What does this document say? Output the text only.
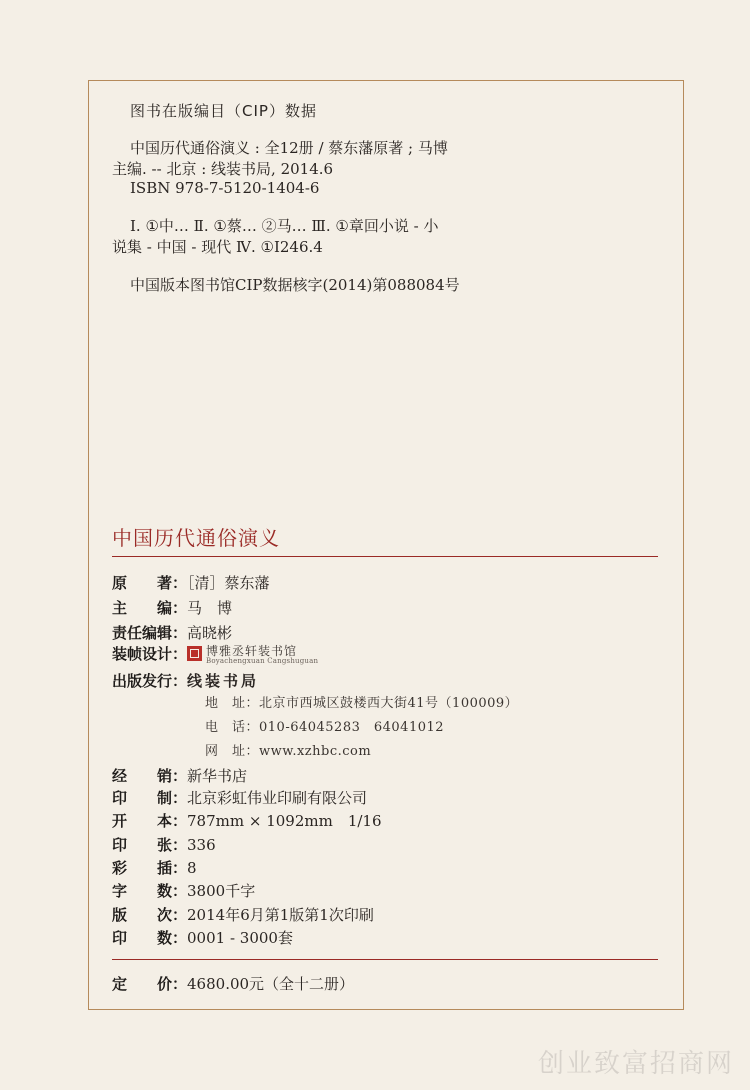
图书在版编目（CIP）数据
中国历代通俗演义 : 全12册 / 蔡东藩原著 ; 马博
主编. -- 北京 : 线装书局, 2014.6
ISBN 978-7-5120-1404-6
Ⅰ. ①中… Ⅱ. ①蔡… ②马… Ⅲ. ①章回小说 - 小
说集 - 中国 - 现代 Ⅳ. ①I246.4
中国版本图书馆CIP数据核字(2014)第088084号
中国历代通俗演义
原　　著：［清］蔡东藩
主　　编：马　博
责任编辑：高晓彬
装帧设计： 博雅丞轩装书馆
Boyachengxuan Cangshuguan
出版发行：线装书局
地　址：北京市西城区鼓楼西大街41号（100009）
电　话：010-64045283　64041012
网　址：www.xzhbc.com
经　　销：新华书店
印　　制：北京彩虹伟业印刷有限公司
开　　本：787mm × 1092mm　1/16
印　　张：336
彩　　插：8
字　　数：3800千字
版　　次：2014年6月第1版第1次印刷
印　　数：0001 - 3000套
定　　价：4680.00元（全十二册）
创业致富招商网
